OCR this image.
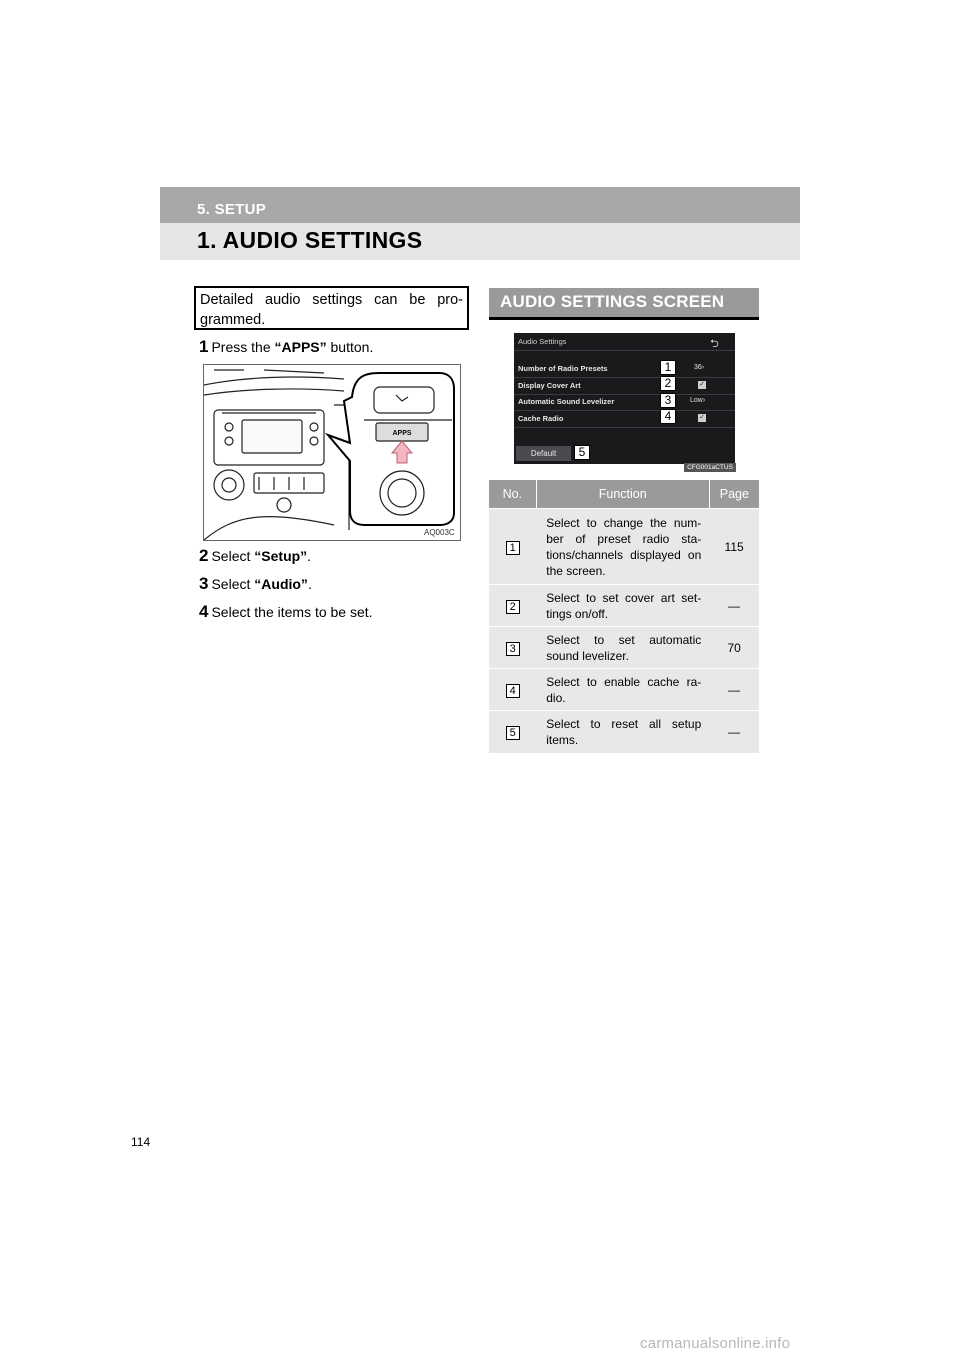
5. SETUP
1. AUDIO SETTINGS
Detailed audio settings can be pro-grammed.
1 Press the “APPS” button.
APPS
AQ003C
2 Select “Setup”.
3 Select “Audio”.
4 Select the items to be set.
AUDIO SETTINGS SCREEN
Audio Settings	⮌
Number of Radio Presets	36›
1
Display Cover Art	✓
2
Automatic Sound Levelizer	Low›
3
Cache Radio	✓
4
Default	5
CFG001aCTUS
No.	Function	Page
1	Select to change the num-ber of preset radio sta-tions/channels displayed on the screen.	115
2	Select to set cover art set-tings on/off.	—
3	Select to set automatic sound levelizer.	70
4	Select to enable cache ra-dio.	—
5	Select to reset all setup items.	—
114
carmanualsonline.info
